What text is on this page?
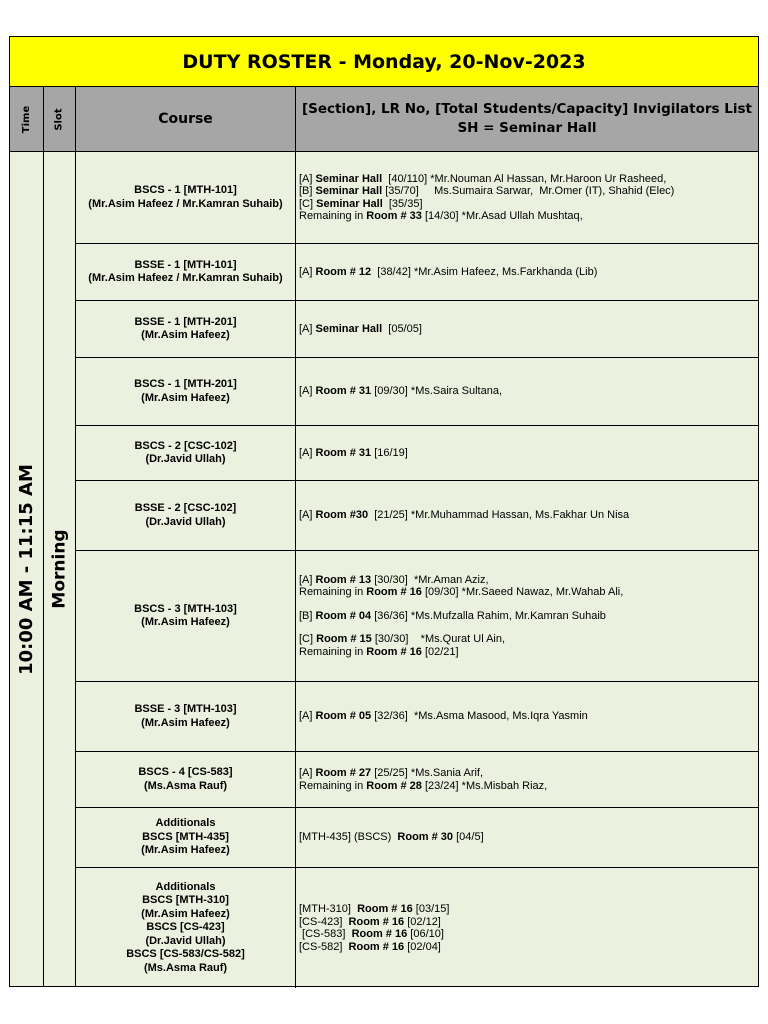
DUTY ROSTER - Monday, 20-Nov-2023
Time Slot	Course
[Section], LR No, [Total Students/Capacity] Invigilators List
SH = Seminar Hall
10:00 AM - 11:15 AM Morning
BSCS - 1 [MTH-101]
(Mr.Asim Hafeez / Mr.Kamran Suhaib)
[A] Seminar Hall  [40/110] *Mr.Nouman Al Hassan, Mr.Haroon Ur Rasheed,
[B] Seminar Hall [35/70]     Ms.Sumaira Sarwar,  Mr.Omer (IT), Shahid (Elec)
[C] Seminar Hall  [35/35]
Remaining in Room # 33 [14/30] *Mr.Asad Ullah Mushtaq,
BSSE - 1 [MTH-101]
(Mr.Asim Hafeez / Mr.Kamran Suhaib)
[A] Room # 12  [38/42] *Mr.Asim Hafeez, Ms.Farkhanda (Lib)
BSSE - 1 [MTH-201]
(Mr.Asim Hafeez)
[A] Seminar Hall  [05/05]
BSCS - 1 [MTH-201]
(Mr.Asim Hafeez)
[A] Room # 31 [09/30] *Ms.Saira Sultana,
BSCS - 2 [CSC-102]
(Dr.Javid Ullah)
[A] Room # 31 [16/19]
BSSE - 2 [CSC-102]
(Dr.Javid Ullah)
[A] Room #30  [21/25] *Mr.Muhammad Hassan, Ms.Fakhar Un Nisa
BSCS - 3 [MTH-103]
(Mr.Asim Hafeez)
[A] Room # 13 [30/30]  *Mr.Aman Aziz,
Remaining in Room # 16 [09/30] *Mr.Saeed Nawaz, Mr.Wahab Ali,
[B] Room # 04 [36/36] *Ms.Mufzalla Rahim, Mr.Kamran Suhaib
[C] Room # 15 [30/30]    *Ms.Qurat Ul Ain,
Remaining in Room # 16 [02/21]
BSSE - 3 [MTH-103]
(Mr.Asim Hafeez)
[A] Room # 05 [32/36]  *Ms.Asma Masood, Ms.Iqra Yasmin
BSCS - 4 [CS-583]
(Ms.Asma Rauf)
[A] Room # 27 [25/25] *Ms.Sania Arif,
Remaining in Room # 28 [23/24] *Ms.Misbah Riaz,
Additionals
BSCS [MTH-435]
(Mr.Asim Hafeez)
[MTH-435] (BSCS)  Room # 30 [04/5]
Additionals
BSCS [MTH-310]
(Mr.Asim Hafeez)
BSCS [CS-423]
(Dr.Javid Ullah)
BSCS [CS-583/CS-582]
(Ms.Asma Rauf)
[MTH-310]  Room # 16 [03/15]
[CS-423]  Room # 16 [02/12]
[CS-583]  Room # 16 [06/10]
[CS-582]  Room # 16 [02/04]
